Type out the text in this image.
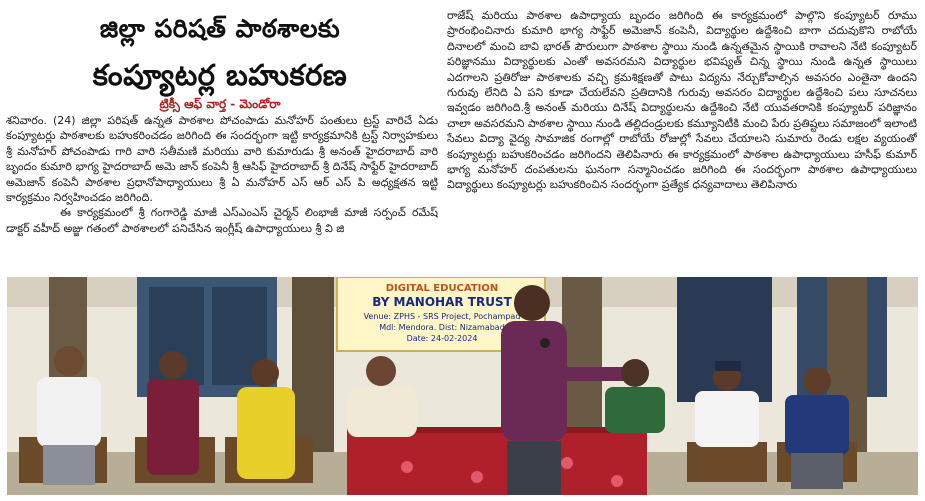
జిల్లా పరిషత్ పాఠశాలకు
కంప్యూటర్ల బహుకరణ
ట్రిక్సీ ఆఫ్ వార్త - మెండోరా

శనివారం. (24) జిల్లా పరిషత్ ఉన్నత పాఠశాల పోచంపాడు మనోహర్ పంతులు ట్రస్ట్ వారిచే ఏడు కంప్యూటర్లు పాఠశాలకు బహుకరించడం జరిగింది ఈ సందర్భంగా ఇట్టి కార్యక్రమానికి ట్రస్ట్ నిర్వాహకులు శ్రీ మనోహర్ పోచంపాడు గారి వారి సతీమణి మరియు వారి కుమారుడు శ్రీ అనంత్ హైదరాబాద్ వారి బృందం కుమారి భాగ్య హైదరాబాద్ అమె జాన్ కంపెనీ శ్రీ ఆసిఫ్ హైదరాబాద్ శ్రీ దినేష్ సాఫ్టేర్ హైదరాబాద్ అమెజాన్ కంపెనీ పాఠశాల ప్రధానోపాధ్యాయులు శ్రీ ఏ మనోహర్ ఎస్ ఆర్ ఎస్ పి అధ్యక్షతన ఇట్టి కార్యక్రమం నిర్వహించడం జరిగింది.

ఈ కార్యక్రమంలో శ్రీ గంగారెడ్డి మాజీ ఎస్ఎంఎస్ చైర్మన్ లింభాజీ మాజీ సర్పంచ్ రమేష్ డాక్టర్ వహీద్ అజ్జు గతంలో పాఠశాలలో పనిచేసిన ఇంగ్లీష్ ఉపాధ్యాయులు శ్రీ వి జి

రాజేష్ మరియు పాఠశాల ఉపాధ్యాయ బృందం జరిగింది ఈ కార్యక్రమంలో పాల్గొని కంప్యూటర్ రూము ప్రారంభించినారు కుమారి భాగ్య సాఫ్టేర్ అమెజాన్ కంపెనీ, విద్యార్థుల ఉద్దేశించి బాగా చదువుకొని రాబోయే దినాలలో మంచి బావి భారత్ పౌరులుగా పాఠశాల స్థాయి నుండి ఉన్నతమైన స్థాయికి రావాలని నేటి కంప్యూటర్ పరిజ్ఞానము విద్యార్థులకు ఎంతో అవసరమని విద్యార్థుల భవిష్యత్ చిన్న స్థాయి నుండి ఉన్నత స్థాయిలు ఎదగాలని ప్రతిరోజు పాఠశాలకు వచ్చి క్రమశిక్షణతో పాటు విద్యను నేర్చుకోవాల్సిన అవసరం ఎంతైనా ఉందని గురువు లేనిది ఏ పని కూడా చేయలేవని ప్రతిదానికి గురువు అవసరం విద్యార్థుల ఉద్దేశించి పలు సూచనలు ఇవ్వడం జరిగింది.శ్రీ అనంత్ మరియు దినేష్ విద్యార్థులను ఉద్దేశించి నేటి యువతరానికి కంప్యూటర్ పరిజ్ఞానం చాలా అవసరమని పాఠశాల స్థాయి నుండి తల్లిదండ్రులకు కమ్యూనిటీకి మంచి పేరు ప్రతిష్టలు సమాజంలో ఇలాంటి సేవలు విద్యా వైద్య సామాజిక రంగాల్లో రాబోయే రోజుల్లో సేవలు చేయాలని సుమారు రెండు లక్షల వ్యయంతో కంప్యూటర్లు బహుకరించడం జరిగిందని తెలిపినారు ఈ కార్యక్రమంలో పాఠశాల ఉపాధ్యాయులు హసీఫ్ కుమార్ భాగ్య మనోహర్ దంపతులను ఘనంగా సన్మానించడం జరిగింది ఈ సందర్భంగా పాఠశాల ఉపాధ్యాయులు విద్యార్థులు కంప్యూటర్లు బహుకరించిన సందర్భంగా ప్రత్యేక ధన్యవాదాలు తెలిపినారు

DIGITAL EDUCATION
BY MANOHAR TRUST
Venue: ZPHS - SRS Project, Pochampad
Mdl: Mendora. Dist: Nizamabad
Date: 24-02-2024
